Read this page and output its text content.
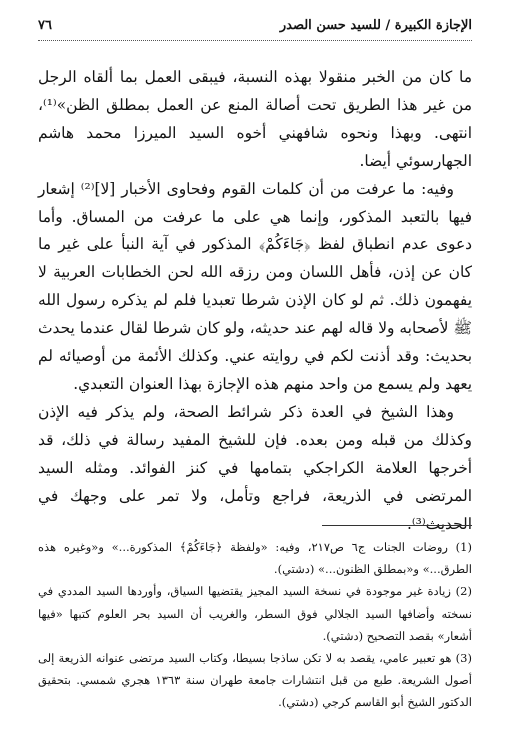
الإجازة الكبيرة / للسيد حسن الصدر
٧٦

ما كان من الخبر منقولا بهذه النسبة، فيبقى العمل بما ألقاه الرجل من غير هذا الطريق تحت أصالة المنع عن العمل بمطلق الظن»⁽¹⁾، انتهى. وبهذا ونحوه شافهني أخوه السيد الميرزا محمد هاشم الجهارسوئي أيضا.

وفيه: ما عرفت من أن كلمات القوم وفحاوى الأخبار [لا]⁽²⁾ إشعار فيها بالتعبد المذكور، وإنما هي على ما عرفت من المساق. وأما دعوى عدم انطباق لفظ ﴿جَاءَكُمْ﴾ المذكور في آية النبأ على غير ما كان عن إذن، فأهل اللسان ومن رزقه الله لحن الخطابات العربية لا يفهمون ذلك. ثم لو كان الإذن شرطا تعبديا فلم لم يذكره رسول الله ﷺ لأصحابه ولا قاله لهم عند حديثه، ولو كان شرطا لقال عندما يحدث بحديث: وقد أذنت لكم في روايته عني. وكذلك الأئمة من أوصيائه لم يعهد ولم يسمع من واحد منهم هذه الإجازة بهذا العنوان التعبدي.

وهذا الشيخ في العدة ذكر شرائط الصحة، ولم يذكر فيه الإذن وكذلك من قبله ومن بعده. فإن للشيخ المفيد رسالة في ذلك، قد أخرجها العلامة الكراجكي بتمامها في كنز الفوائد. ومثله السيد المرتضى في الذريعة، فراجع وتأمل، ولا تمر على وجهك في الحديث⁽³⁾.

(1) روضات الجنات ج٦ ص٢١٧، وفيه: «ولفظة ﴿جَاءَكُمْ﴾ المذكورة...» و«وغيره هذه الطرق...» و«بمطلق الظنون...» (دشتي).

(2) زيادة غير موجودة في نسخة السيد المجيز يقتضيها السياق، وأوردها السيد المددي في نسخته وأضافها السيد الجلالي فوق السطر، والغريب أن السيد بحر العلوم كتبها «فيها أشعار» بقصد التصحيح (دشتي).

(3) هو تعبير عامي، يقصد به لا تكن ساذجا بسيطا، وكتاب السيد مرتضى عنوانه الذريعة إلى أصول الشريعة. طبع من قبل انتشارات جامعة طهران سنة ١٣٦٣ هجري شمسي. بتحقيق الدكتور الشيخ أبو القاسم كرجي (دشتي).
